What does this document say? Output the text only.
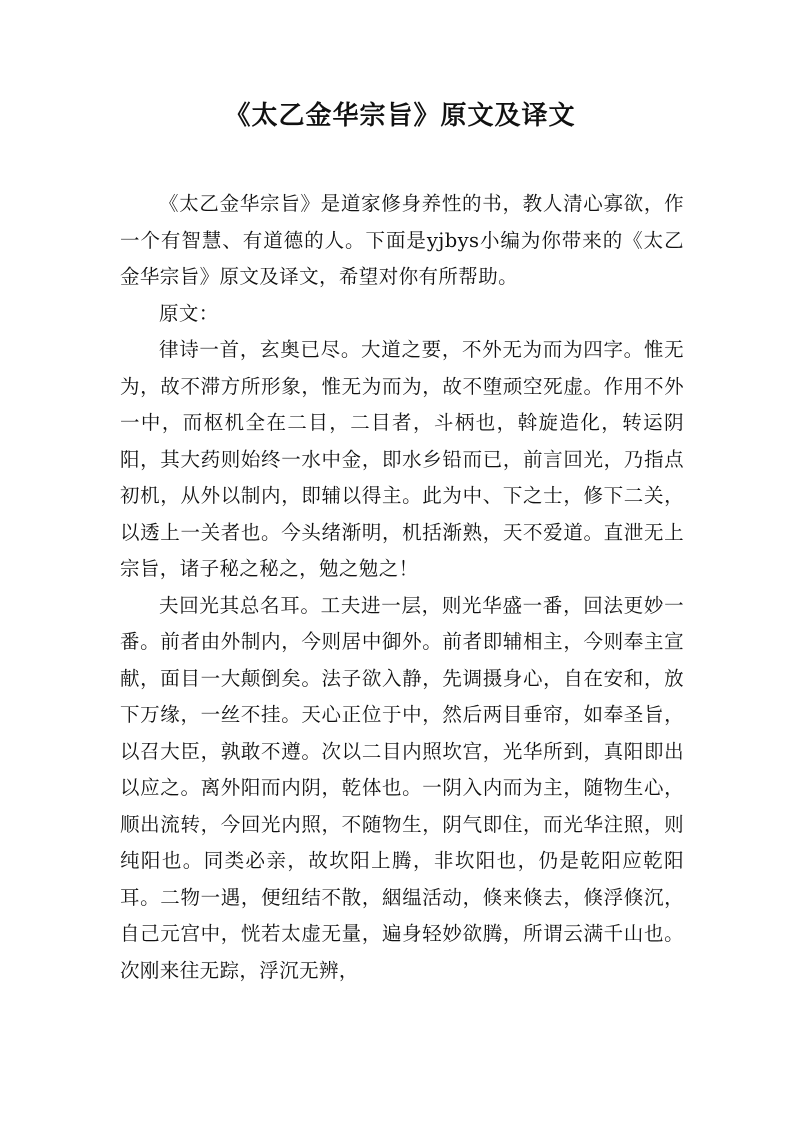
《太乙金华宗旨》原文及译文

《太乙金华宗旨》是道家修身养性的书，教人清心寡欲，作一个有智慧、有道德的人。下面是yjbys小编为你带来的《太乙金华宗旨》原文及译文，希望对你有所帮助。

原文：

律诗一首，玄奥已尽。大道之要，不外无为而为四字。惟无为，故不滞方所形象，惟无为而为，故不堕顽空死虚。作用不外一中，而枢机全在二目，二目者，斗柄也，斡旋造化，转运阴阳，其大药则始终一水中金，即水乡铅而已，前言回光，乃指点初机，从外以制内，即辅以得主。此为中、下之士，修下二关，以透上一关者也。今头绪渐明，机括渐熟，天不爱道。直泄无上宗旨，诸子秘之秘之，勉之勉之！

夫回光其总名耳。工夫进一层，则光华盛一番，回法更妙一番。前者由外制内，今则居中御外。前者即辅相主，今则奉主宣献，面目一大颠倒矣。法子欲入静，先调摄身心，自在安和，放下万缘，一丝不挂。天心正位于中，然后两目垂帘，如奉圣旨，以召大臣，孰敢不遵。次以二目内照坎宫，光华所到，真阳即出以应之。离外阳而内阴，乾体也。一阴入内而为主，随物生心，顺出流转，今回光内照，不随物生，阴气即住，而光华注照，则纯阳也。同类必亲，故坎阳上腾，非坎阳也，仍是乾阳应乾阳耳。二物一遇，便纽结不散，絪缊活动，倏来倏去，倏浮倏沉，自己元宫中，恍若太虚无量，遍身轻妙欲腾，所谓云满千山也。次刚来往无踪，浮沉无辨，
